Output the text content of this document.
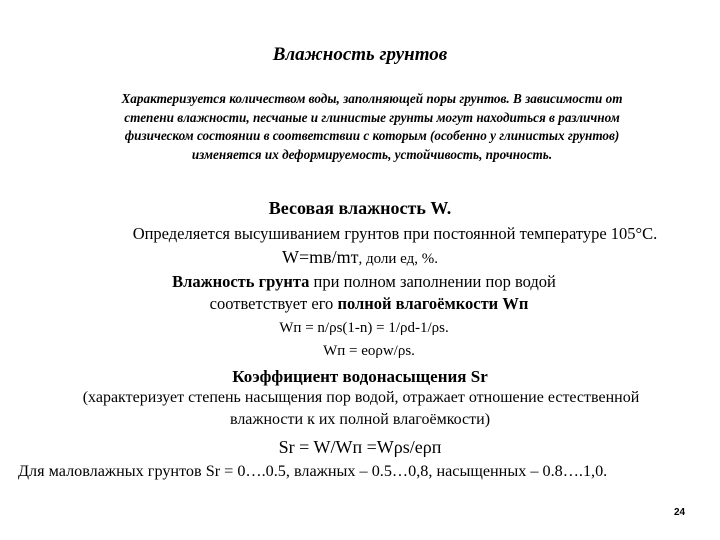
Влажность грунтов
Характеризуется количеством воды, заполняющей поры грунтов. В зависимости от
степени влажности, песчаные и глинистые грунты могут находиться в различном
физическом состоянии в соответствии с которым (особенно у глинистых грунтов)
изменяется их деформируемость, устойчивость, прочность.
Весовая влажность W.
Определяется высушиванием грунтов при постоянной температуре 105°С.
W=mв/mт, доли ед, %.
Влажность грунта при полном заполнении пор водой
соответствует его полной влагоёмкости Wп
Wп = n/ρs(1-n) = 1/ρd-1/ρs.
Wп = eоρw/ρs.
Коэффициент водонасыщения Sr
(характеризует степень насыщения пор водой, отражает отношение естественной
влажности к их полной влагоёмкости)
Sr = W/Wп =Wρs/eρп
Для маловлажных грунтов Sr = 0….0.5, влажных – 0.5…0,8, насыщенных – 0.8….1,0.
24
